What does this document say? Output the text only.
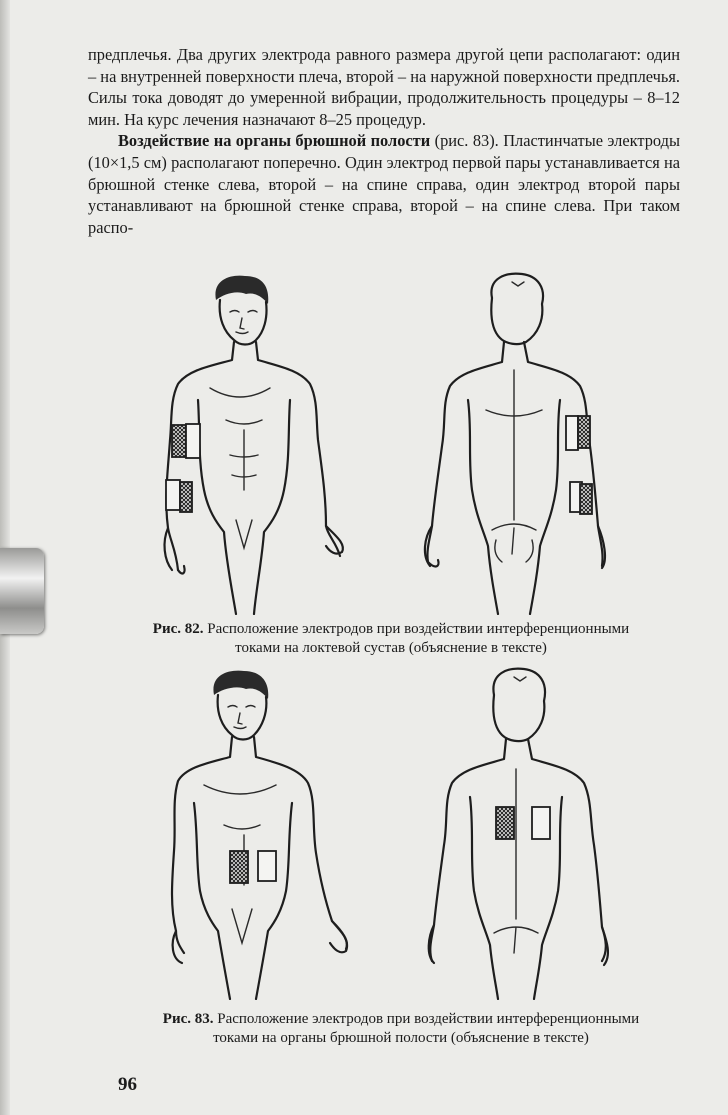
предплечья. Два других электрода равного размера другой цепи располагают: один – на внутренней поверхности плеча, второй – на наружной поверхности предплечья. Силы тока доводят до умеренной вибрации, продолжительность процедуры – 8–12 мин. На курс лечения назначают 8–25 процедур.

Воздействие на органы брюшной полости (рис. 83). Пластинчатые электроды (10×1,5 см) располагают поперечно. Один электрод первой пары устанавливается на брюшной стенке слева, второй – на спине справа, один электрод второй пары устанавливают на брюшной стенке справа, второй – на спине слева. При таком распо-

Рис. 82. Расположение электродов при воздействии интерференционными
токами на локтевой сустав (объяснение в тексте)
Рис. 83. Расположение электродов при воздействии интерференционными
токами на органы брюшной полости (объяснение в тексте)
96
